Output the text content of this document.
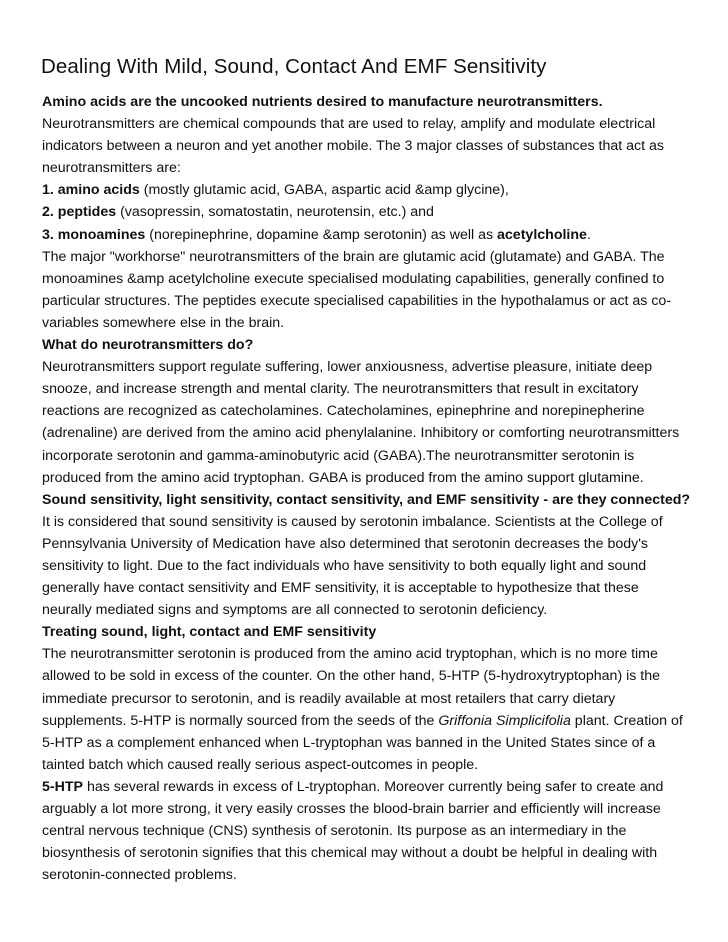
Dealing With Mild, Sound, Contact And EMF Sensitivity

Amino acids are the uncooked nutrients desired to manufacture neurotransmitters.

Neurotransmitters are chemical compounds that are used to relay, amplify and modulate electrical indicators between a neuron and yet another mobile. The 3 major classes of substances that act as neurotransmitters are:

1. amino acids (mostly glutamic acid, GABA, aspartic acid &amp glycine),

2. peptides (vasopressin, somatostatin, neurotensin, etc.) and

3. monoamines (norepinephrine, dopamine &amp serotonin) as well as acetylcholine.

The major "workhorse" neurotransmitters of the brain are glutamic acid (glutamate) and GABA. The monoamines &amp acetylcholine execute specialised modulating capabilities, generally confined to particular structures. The peptides execute specialised capabilities in the hypothalamus or act as co-variables somewhere else in the brain.

What do neurotransmitters do?

Neurotransmitters support regulate suffering, lower anxiousness, advertise pleasure, initiate deep snooze, and increase strength and mental clarity. The neurotransmitters that result in excitatory reactions are recognized as catecholamines. Catecholamines, epinephrine and norepinepherine (adrenaline) are derived from the amino acid phenylalanine. Inhibitory or comforting neurotransmitters incorporate serotonin and gamma-aminobutyric acid (GABA).The neurotransmitter serotonin is produced from the amino acid tryptophan. GABA is produced from the amino support glutamine.

Sound sensitivity, light sensitivity, contact sensitivity, and EMF sensitivity - are they connected?

It is considered that sound sensitivity is caused by serotonin imbalance. Scientists at the College of Pennsylvania University of Medication have also determined that serotonin decreases the body's sensitivity to light. Due to the fact individuals who have sensitivity to both equally light and sound generally have contact sensitivity and EMF sensitivity, it is acceptable to hypothesize that these neurally mediated signs and symptoms are all connected to serotonin deficiency.

Treating sound, light, contact and EMF sensitivity

The neurotransmitter serotonin is produced from the amino acid tryptophan, which is no more time allowed to be sold in excess of the counter. On the other hand, 5-HTP (5-hydroxytryptophan) is the immediate precursor to serotonin, and is readily available at most retailers that carry dietary supplements. 5-HTP is normally sourced from the seeds of the Griffonia Simplicifolia plant. Creation of 5-HTP as a complement enhanced when L-tryptophan was banned in the United States since of a tainted batch which caused really serious aspect-outcomes in people.

5-HTP has several rewards in excess of L-tryptophan. Moreover currently being safer to create and arguably a lot more strong, it very easily crosses the blood-brain barrier and efficiently will increase central nervous technique (CNS) synthesis of serotonin. Its purpose as an intermediary in the biosynthesis of serotonin signifies that this chemical may without a doubt be helpful in dealing with serotonin-connected problems.
